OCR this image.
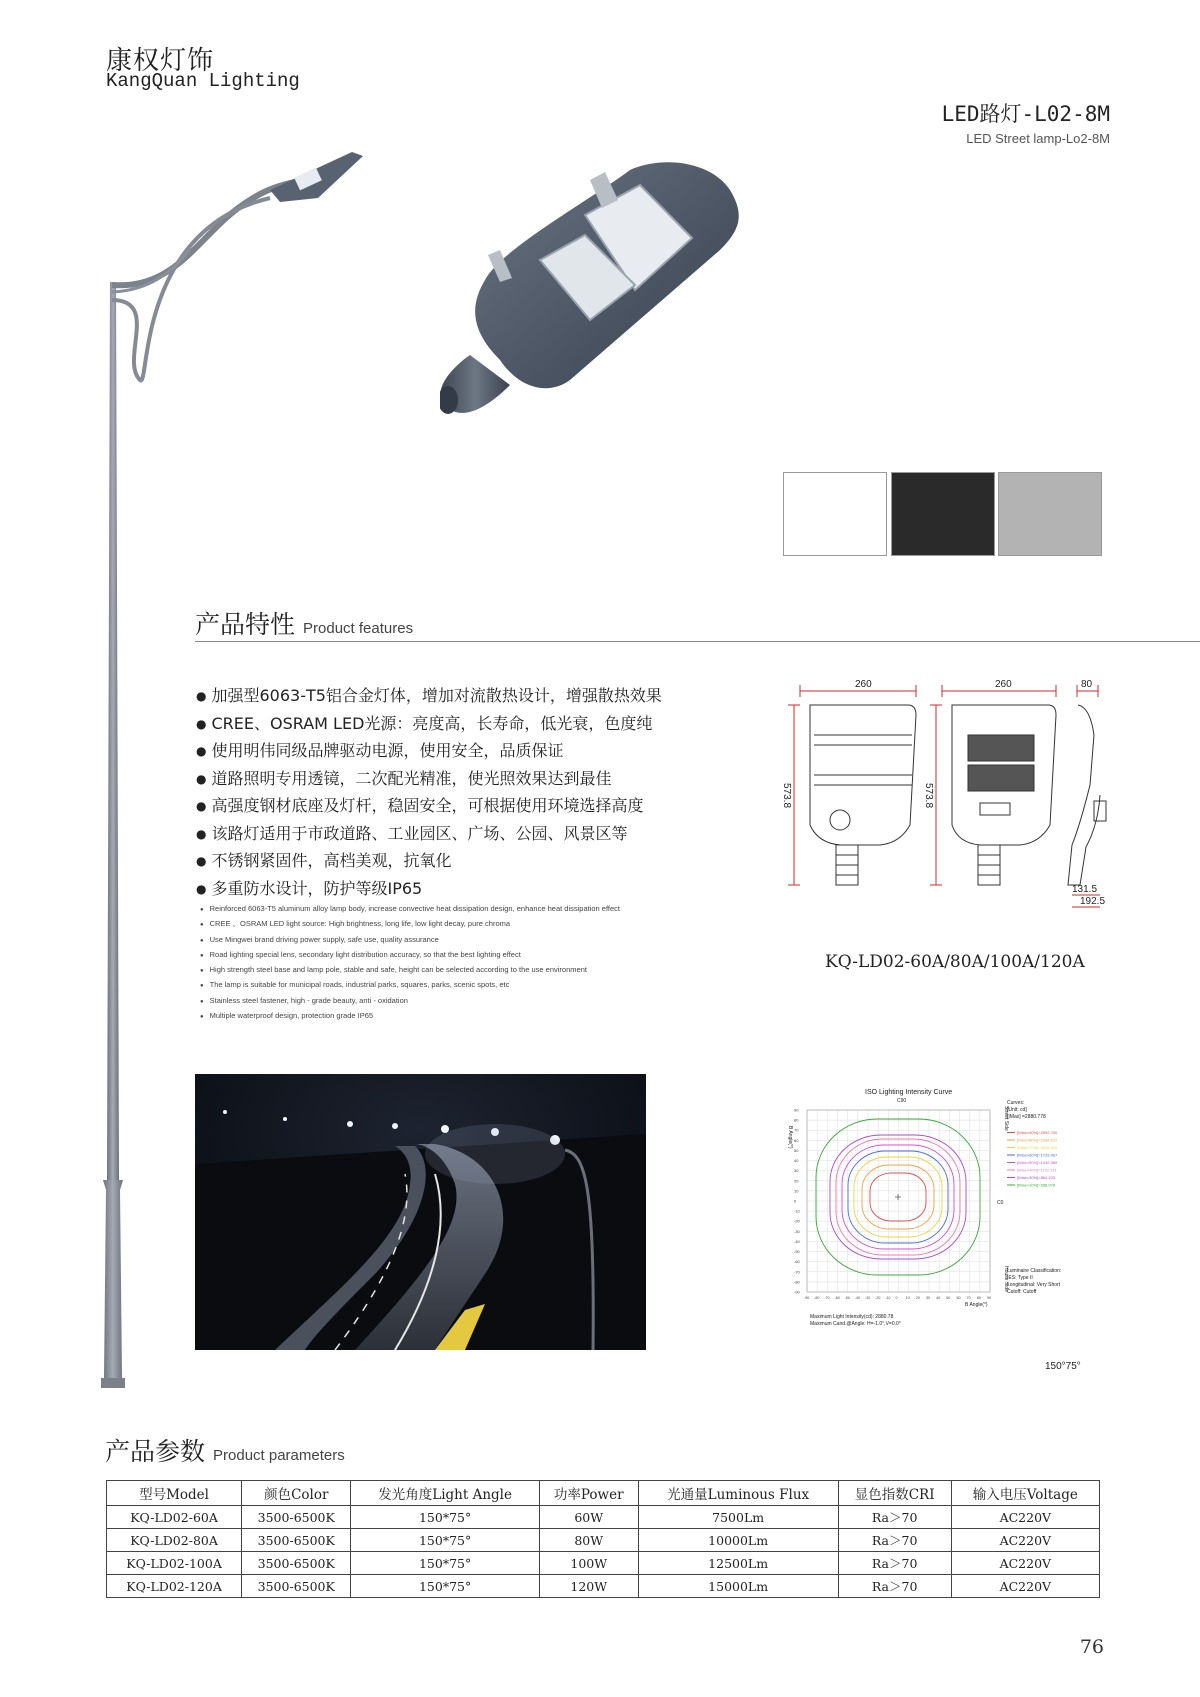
康权灯饰
KangQuan Lighting
LED路灯-L02-8M
LED Street lamp-Lo2-8M
产品特性 Product features
● 加强型6063-T5铝合金灯体，增加对流散热设计，增强散热效果
● CREE、OSRAM LED光源：亮度高，长寿命，低光衰，色度纯
● 使用明伟同级品牌驱动电源，使用安全，品质保证
● 道路照明专用透镜，二次配光精准，使光照效果达到最佳
● 高强度钢材底座及灯杆，稳固安全，可根据使用环境选择高度
● 该路灯适用于市政道路、工业园区、广场、公园、风景区等
● 不锈钢紧固件，高档美观，抗氧化
● 多重防水设计，防护等级IP65
● Reinforced 6063-T5 aluminum alloy lamp body, increase convective heat dissipation design, enhance heat dissipation effect
● CREE 、OSRAM LED light source: High brightness, long life, low light decay, pure chroma
● Use Mingwei brand driving power supply, safe use, quality assurance
● Road lighting special lens, secondary light distribution accuracy, so that the best lighting effect
● High strength steel base and lamp pole, stable and safe, height can be selected according to the use environment
● The lamp is suitable for municipal roads, industrial parks, squares, parks, scenic spots, etc
● Stainless steel fastener, high - grade beauty, anti - oxidation
● Multiple waterproof design, protection grade IP65
260	260	80
573.8	573.8
131.5
192.5
KQ-LD02-60A/80A/100A/120A
ISO Lighting Intensity Curve
C90
C0
Street Side
House Side
B Angle(°)
B Angle(°)
90
80
70
60
50
40
30
20
10
0
-10
-20
-30
-40
-50
-60
-70
-80
-90
-90 -80 -70 -60 -50 -40 -30 -20 -10 0 10 20 30 40 50 60 70 80 90
[IMax×90%]=2592.700
[IMax×80%]=2304.622
[IMax×70%]=2016.545
[IMax×60%]=1728.467
[IMax×50%]=1440.389
[IMax×40%]=1152.311
[IMax×30%]=864.233
[IMax×10%]=288.078
Curves: [Unit: cd] [IMax] =2880.778
Luminaire Classification: IES: Type II Longitudinal: Very Short Cutoff: Cutoff
Maximum Light Intensity(cd): 2880.78 Maximum Cand.@Angle: H=-1.0°,V=0.0°
150°75°
产品参数 Product parameters
型号Model	颜色Color	发光角度Light Angle	功率Power	光通量Luminous Flux	显色指数CRI	输入电压Voltage
KQ-LD02-60A	3500-6500K	150*75°	60W	7500Lm	Ra＞70	AC220V
KQ-LD02-80A	3500-6500K	150*75°	80W	10000Lm	Ra＞70	AC220V
KQ-LD02-100A	3500-6500K	150*75°	100W	12500Lm	Ra＞70	AC220V
KQ-LD02-120A	3500-6500K	150*75°	120W	15000Lm	Ra＞70	AC220V
76
